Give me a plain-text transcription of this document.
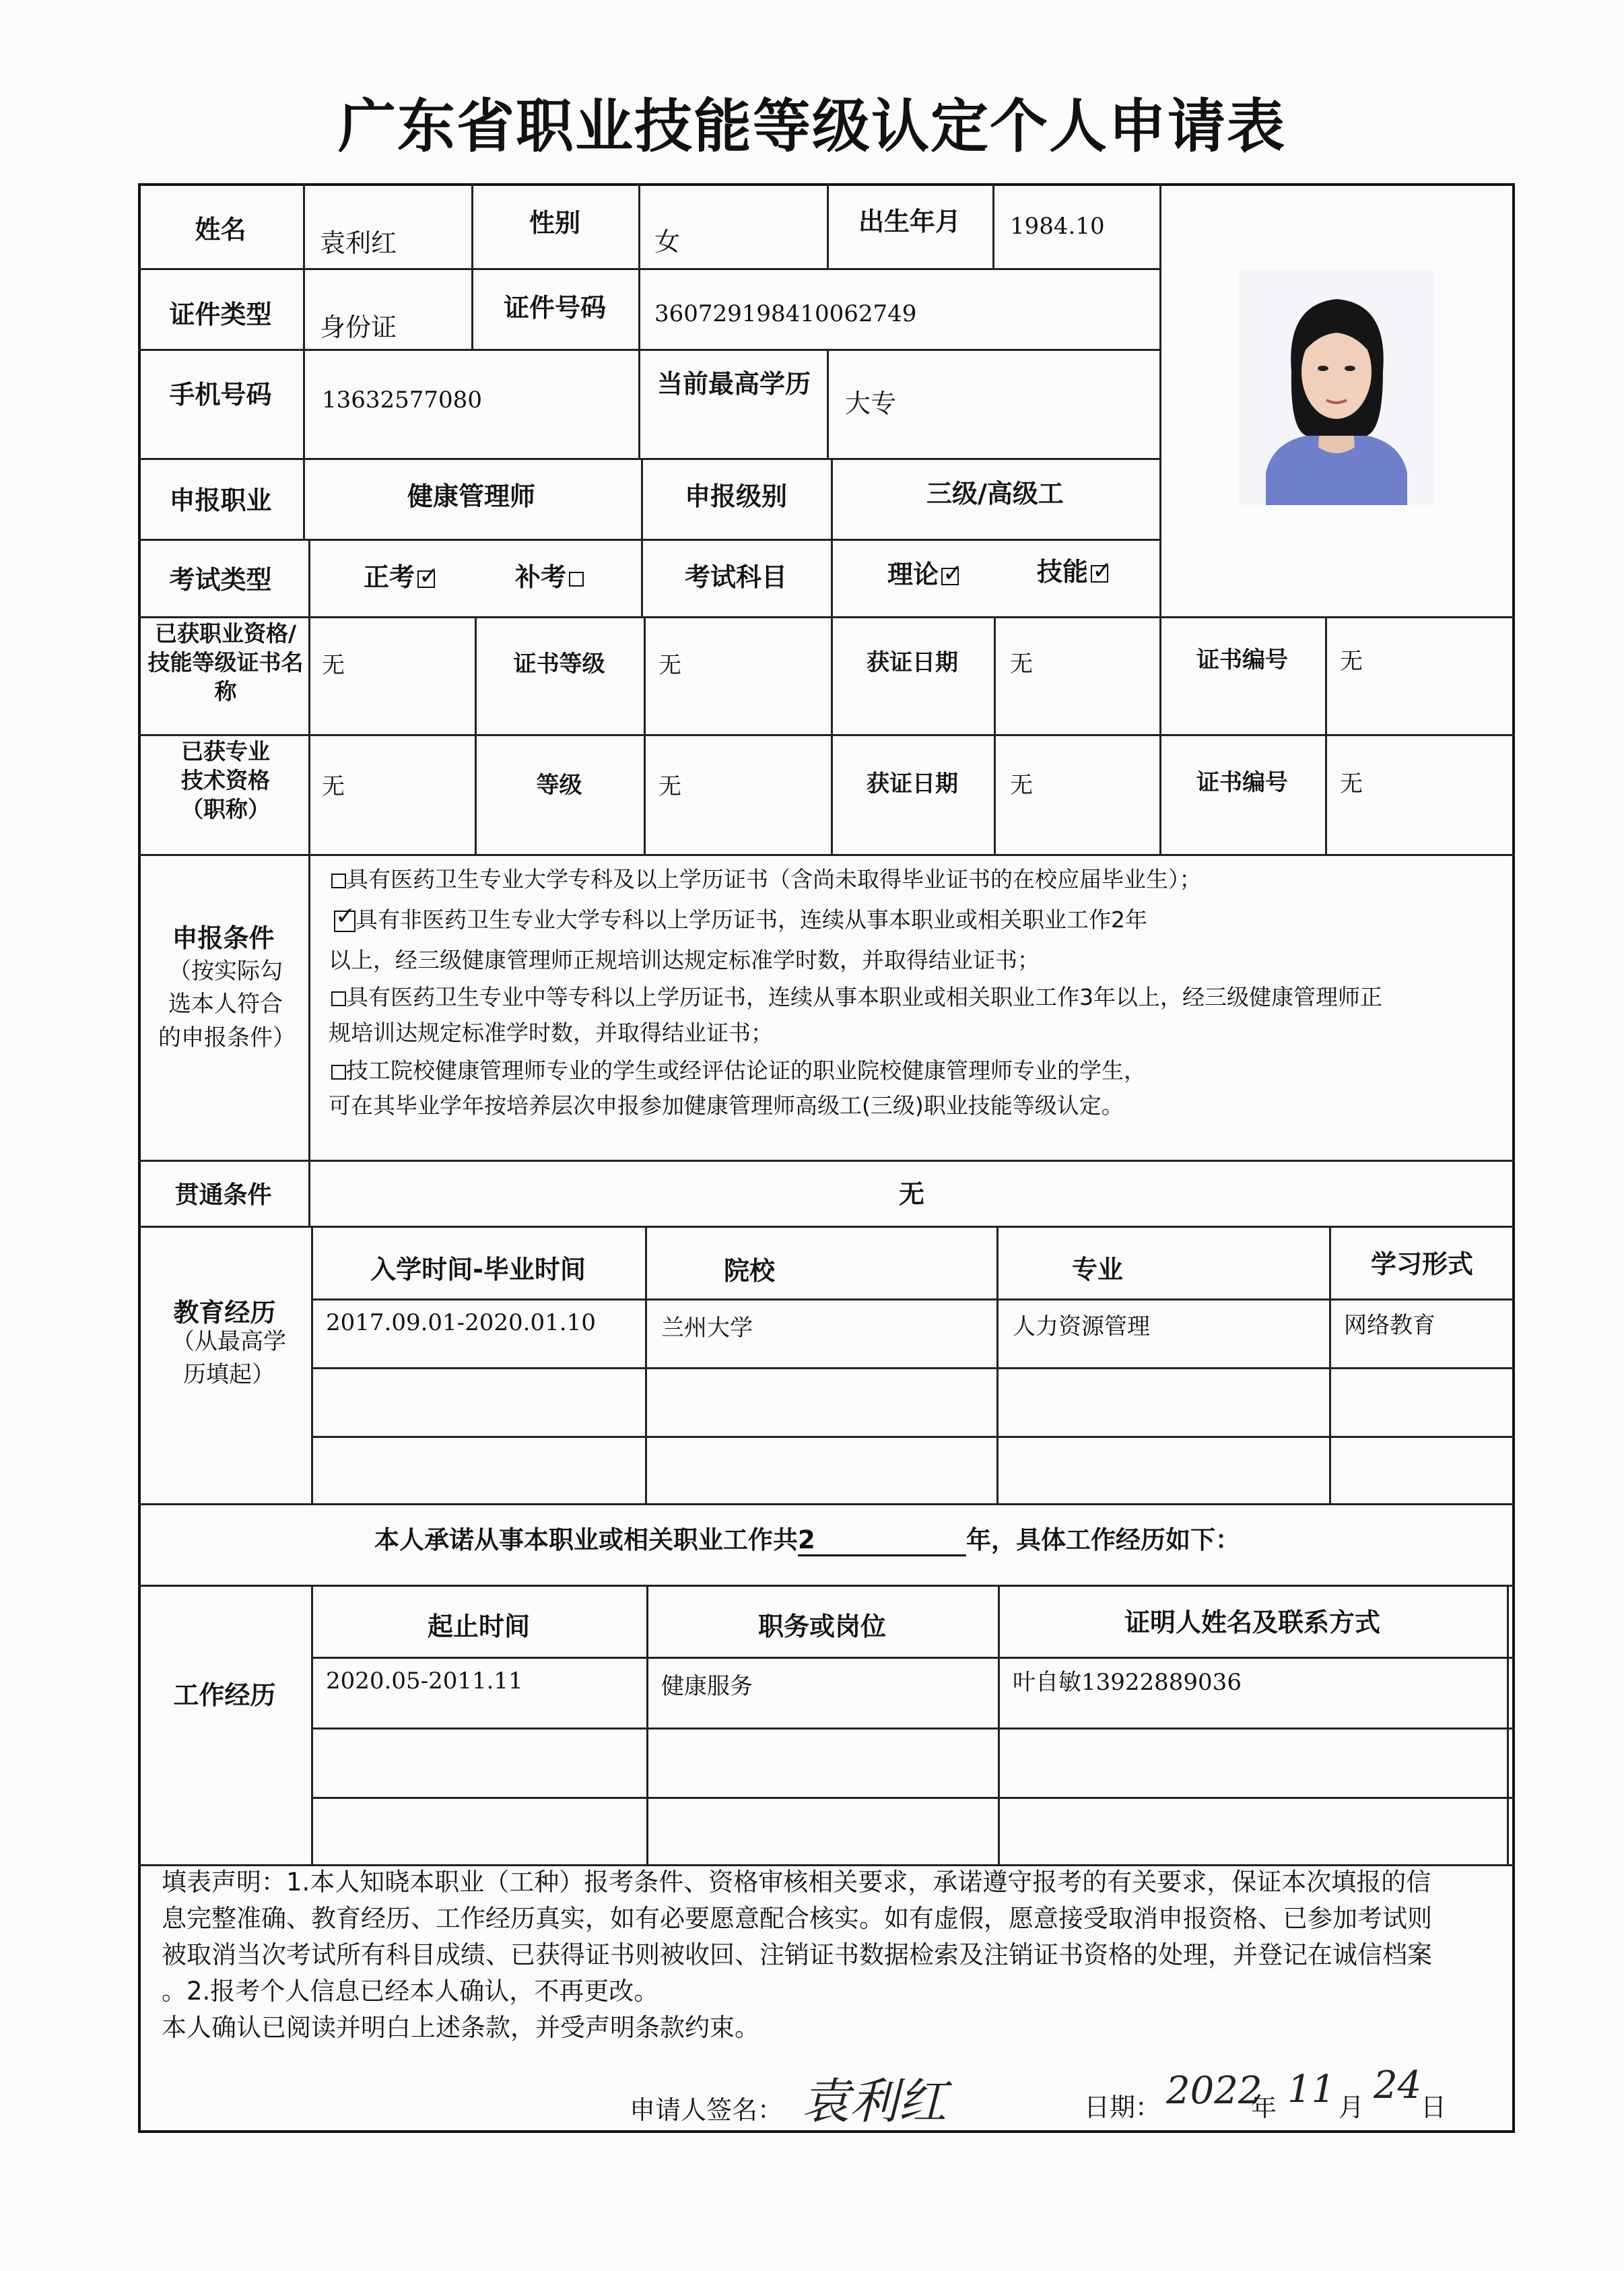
广东省职业技能等级认定个人申请表
姓名	袁利红
性别
女
出生年月	1984.10
证件类型	身份证
证件号码	360729198410062749
手机号码	13632577080
当前最高学历
大专
申报职业	健康管理师	申报级别	三级/高级工
考试类型	正考 ✓	补考	考试科目	理论 ✓	技能✓
已获职业资格/技能等级证书名称
无	证书等级	无	获证日期	无	证书编号	无
已获专业技术资格（职称）
无	等级	无	获证日期	无	证书编号	无
申报条件
（按实际勾选本人符合的申报条件）
具有医药卫生专业大学专科及以上学历证书（含尚未取得毕业证书的在校应届毕业生）；
✓具有非医药卫生专业大学专科以上学历证书，连续从事本职业或相关职业工作2年
以上，经三级健康管理师正规培训达规定标准学时数，并取得结业证书；
具有医药卫生专业中等专科以上学历证书，连续从事本职业或相关职业工作3年以上，经三级健康管理师正
规培训达规定标准学时数，并取得结业证书；
技工院校健康管理师专业的学生或经评估论证的职业院校健康管理师专业的学生，
可在其毕业学年按培养层次申报参加健康管理师高级工(三级)职业技能等级认定。
贯通条件	无
教育经历
（从最高学历填起）
入学时间-毕业时间	院校	专业	学习形式
2017.09.01-2020.01.10	兰州大学	人力资源管理	网络教育
本人承诺从事本职业或相关职业工作共2	年，具体工作经历如下：
工作经历
起止时间	职务或岗位	证明人姓名及联系方式
2020.05-2011.11	健康服务	叶自敏13922889036
填表声明：1.本人知晓本职业（工种）报考条件、资格审核相关要求，承诺遵守报考的有关要求，保证本次填报的信
息完整准确、教育经历、工作经历真实，如有必要愿意配合核实。如有虚假，愿意接受取消申报资格、已参加考试则
被取消当次考试所有科目成绩、已获得证书则被收回、注销证书数据检索及注销证书资格的处理，并登记在诚信档案
。2.报考个人信息已经本人确认，不再更改。
本人确认已阅读并明白上述条款，并受声明条款约束。
申请人签名： 袁利红	日期： 2022
年 11 月 24
日
